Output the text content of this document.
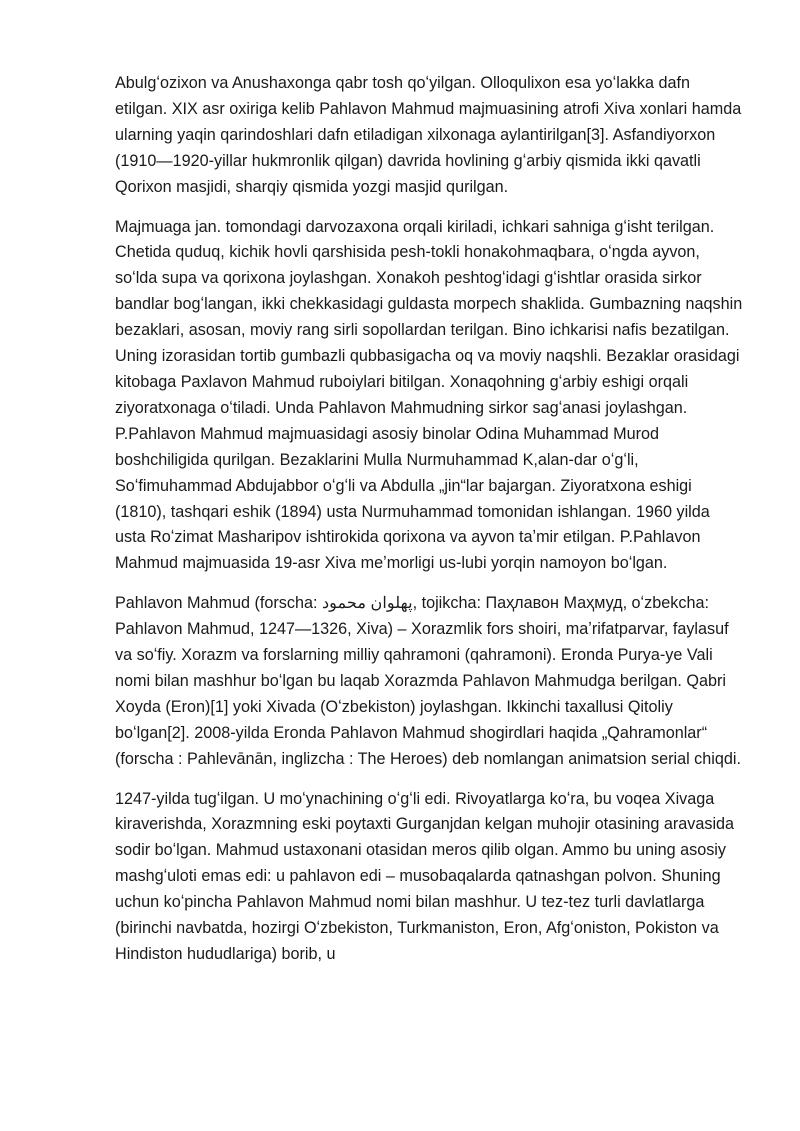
Abulgʻozixon va Anushaxonga qabr tosh qoʻyilgan. Olloqulixon esa yoʻlakka dafn etilgan. XIX asr oxiriga kelib Pahlavon Mahmud majmuasining atrofi Xiva xonlari hamda ularning yaqin qarindoshlari dafn etiladigan xilxonaga aylantirilgan[3]. Asfandiyorxon (1910—1920-yillar hukmronlik qilgan) davrida hovlining gʻarbiy qismida ikki qavatli Qorixon masjidi, sharqiy qismida yozgi masjid qurilgan.

Majmuaga jan. tomondagi darvozaxona orqali kiriladi, ichkari sahniga gʻisht terilgan. Chetida quduq, kichik hovli qarshisida pesh-tokli honakohmaqbara, oʻngda ayvon, soʻlda supa va qorixona joylashgan. Xonakoh peshtogʻidagi gʻishtlar orasida sirkor bandlar bogʻlangan, ikki chekkasidagi guldasta morpech shaklida. Gumbazning naqshin bezaklari, asosan, moviy rang sirli sopollardan terilgan. Bino ichkarisi nafis bezatilgan. Uning izorasidan tortib gumbazli qubbasigacha oq va moviy naqshli. Bezaklar orasidagi kitobaga Paxlavon Mahmud ruboiylari bitilgan. Xonaqohning gʻarbiy eshigi orqali ziyoratxonaga oʻtiladi. Unda Pahlavon Mahmudning sirkor sagʻanasi joylashgan. P.Pahlavon Mahmud majmuasidagi asosiy binolar Odina Muhammad Murod boshchiligida qurilgan. Bezaklarini Mulla Nurmuhammad K,alan-dar oʻgʻli, Soʻfimuhammad Abdujabbor oʻgʻli va Abdulla „jin“lar bajargan. Ziyoratxona eshigi (1810), tashqari eshik (1894) usta Nurmuhammad tomonidan ishlangan. 1960 yilda usta Roʻzimat Masharipov ishtirokida qorixona va ayvon taʼmir etilgan. P.Pahlavon Mahmud majmuasida 19-asr Xiva meʼmorligi us-lubi yorqin namoyon boʻlgan.

Pahlavon Mahmud (forscha: پهلوان محمود‎, tojikcha: Паҳлавон Маҳмуд, oʻzbekcha: Pahlavon Mahmud, 1247—1326, Xiva) – Xorazmlik fors shoiri, maʼrifatparvar, faylasuf va soʻfiy. Xorazm va forslarning milliy qahramoni (qahramoni). Eronda Purya-ye Vali nomi bilan mashhur boʻlgan bu laqab Xorazmda Pahlavon Mahmudga berilgan. Qabri Xoyda (Eron)[1] yoki Xivada (Oʻzbekiston) joylashgan. Ikkinchi taxallusi Qitoliy boʻlgan[2]. 2008-yilda Eronda Pahlavon Mahmud shogirdlari haqida „Qahramonlar“ (forscha : Pahlevānān, inglizcha : The Heroes) deb nomlangan animatsion serial chiqdi.

1247-yilda tugʻilgan. U moʻynachining oʻgʻli edi. Rivoyatlarga koʻra, bu voqea Xivaga kiraverishda, Xorazmning eski poytaxti Gurganjdan kelgan muhojir otasining aravasida sodir boʻlgan. Mahmud ustaxonani otasidan meros qilib olgan. Ammo bu uning asosiy mashgʻuloti emas edi: u pahlavon edi – musobaqalarda qatnashgan polvon. Shuning uchun koʻpincha Pahlavon Mahmud nomi bilan mashhur. U tez-tez turli davlatlarga (birinchi navbatda, hozirgi Oʻzbekiston, Turkmaniston, Eron, Afgʻoniston, Pokiston va Hindiston hududlariga) borib, u
